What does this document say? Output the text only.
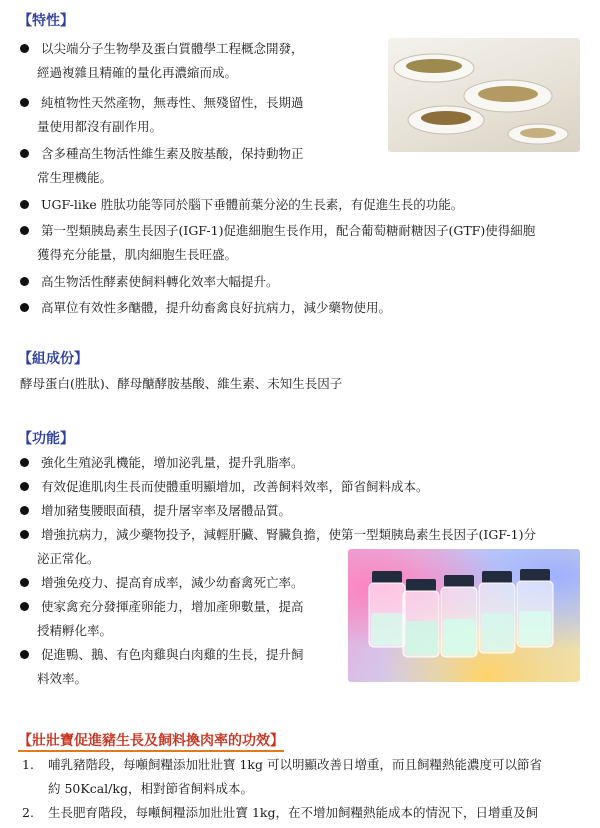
【特性】
以尖端分子生物學及蛋白質體學工程概念開發，
經過複雜且精確的量化再濃縮而成。
純植物性天然產物，無毒性、無殘留性，長期過
量使用都沒有副作用。
含多種高生物活性維生素及胺基酸，保持動物正
常生理機能。
UGF-like 胜肽功能等同於腦下垂體前葉分泌的生長素，有促進生長的功能。
第一型類胰島素生長因子(IGF-1)促進細胞生長作用，配合葡萄糖耐糖因子(GTF)使得細胞
獲得充分能量，肌肉細胞生長旺盛。
高生物活性酵素使飼料轉化效率大幅提升。
高單位有效性多醣體，提升幼畜禽良好抗病力，減少藥物使用。
【組成份】
酵母蛋白(胜肽)、酵母醣酵胺基酸、維生素、未知生長因子
【功能】
強化生殖泌乳機能，增加泌乳量，提升乳脂率。
有效促進肌肉生長而使體重明顯增加，改善飼料效率，節省飼料成本。
增加豬隻腰眼面積，提升屠宰率及屠體品質。
增強抗病力，減少藥物投予，減輕肝臟、腎臟負擔，使第一型類胰島素生長因子(IGF-1)分
泌正常化。
增強免疫力、提高育成率，減少幼畜禽死亡率。
使家禽充分發揮產卵能力，增加產卵數量，提高
授精孵化率。
促進鴨、鵝、有色肉雞與白肉雞的生長，提升飼
料效率。
【壯壯寶促進豬生長及飼料換肉率的功效】
1. 哺乳豬階段，每噸飼糧添加壯壯寶 1kg 可以明顯改善日增重，而且飼糧熱能濃度可以節省
約 50Kcal/kg，相對節省飼料成本。
2. 生長肥育階段，每噸飼糧添加壯壯寶 1kg，在不增加飼糧熱能成本的情況下，日增重及飼
